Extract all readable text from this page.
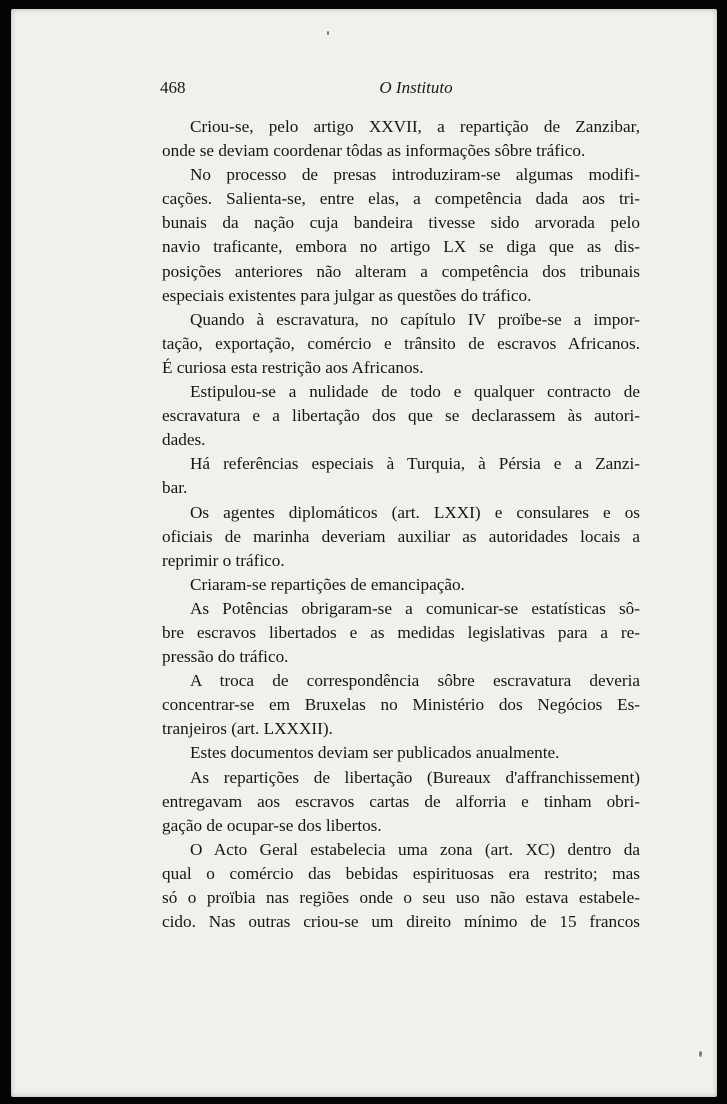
468	O Instituto
Criou-se, pelo artigo XXVII, a repartição de Zanzibar,
onde se deviam coordenar tôdas as informações sôbre tráfico.
No processo de presas introduziram-se algumas modifi-
cações. Salienta-se, entre elas, a competência dada aos tri-
bunais da nação cuja bandeira tivesse sido arvorada pelo
navio traficante, embora no artigo LX se diga que as dis-
posições anteriores não alteram a competência dos tribunais
especiais existentes para julgar as questões do tráfico.
Quando à escravatura, no capítulo IV proïbe-se a impor-
tação, exportação, comércio e trânsito de escravos Africanos.
É curiosa esta restrição aos Africanos.
Estipulou-se a nulidade de todo e qualquer contracto de
escravatura e a libertação dos que se declarassem às autori-
dades.
Há referências especiais à Turquia, à Pérsia e a Zanzi-
bar.
Os agentes diplomáticos (art. LXXI) e consulares e os
oficiais de marinha deveriam auxiliar as autoridades locais a
reprimir o tráfico.
Criaram-se repartições de emancipação.
As Potências obrigaram-se a comunicar-se estatísticas sô-
bre escravos libertados e as medidas legislativas para a re-
pressão do tráfico.
A troca de correspondência sôbre escravatura deveria
concentrar-se em Bruxelas no Ministério dos Negócios Es-
tranjeiros (art. LXXXII).
Estes documentos deviam ser publicados anualmente.
As repartições de libertação (Bureaux d'affranchissement)
entregavam aos escravos cartas de alforria e tinham obri-
gação de ocupar-se dos libertos.
O Acto Geral estabelecia uma zona (art. XC) dentro da
qual o comércio das bebidas espirituosas era restrito; mas
só o proïbia nas regiões onde o seu uso não estava estabele-
cido. Nas outras criou-se um direito mínimo de 15 francos
